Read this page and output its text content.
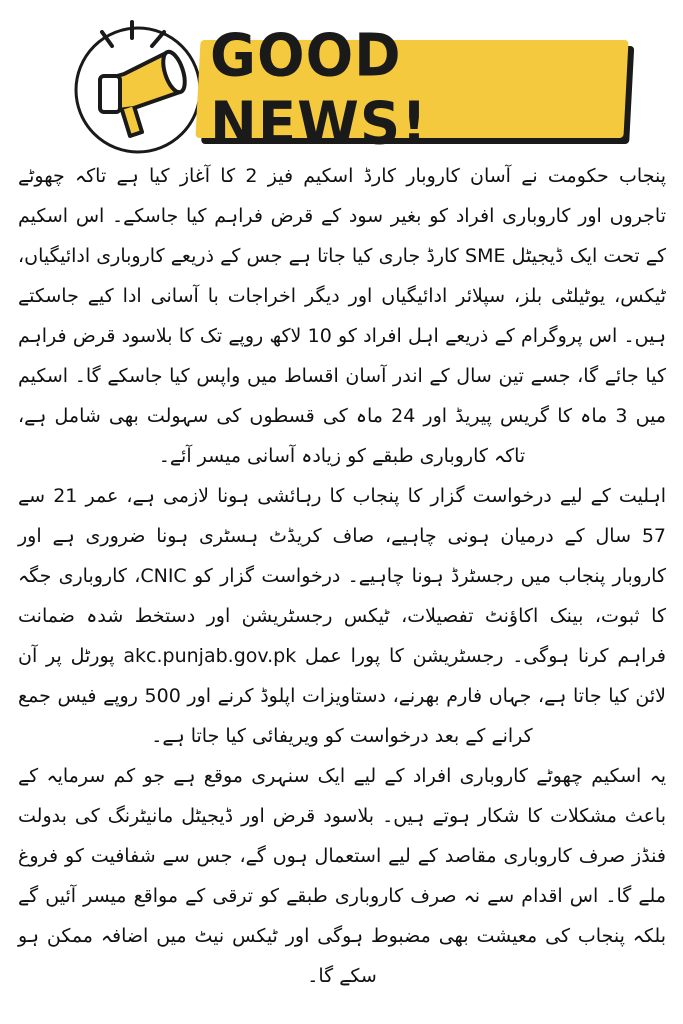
GOOD NEWS!

پنجاب حکومت نے آسان کاروبار کارڈ اسکیم فیز 2 کا آغاز کیا ہے تاکہ چھوٹے تاجروں اور کاروباری افراد کو بغیر سود کے قرض فراہم کیا جاسکے۔ اس اسکیم کے تحت ایک ڈیجیٹل SME کارڈ جاری کیا جاتا ہے جس کے ذریعے کاروباری ادائیگیاں، ٹیکس، یوٹیلٹی بلز، سپلائر ادائیگیاں اور دیگر اخراجات با آسانی ادا کیے جاسکتے ہیں۔ اس پروگرام کے ذریعے اہل افراد کو 10 لاکھ روپے تک کا بلاسود قرض فراہم کیا جائے گا، جسے تین سال کے اندر آسان اقساط میں واپس کیا جاسکے گا۔ اسکیم میں 3 ماہ کا گریس پیریڈ اور 24 ماہ کی قسطوں کی سہولت بھی شامل ہے، تاکہ کاروباری طبقے کو زیادہ آسانی میسر آئے۔

اہلیت کے لیے درخواست گزار کا پنجاب کا رہائشی ہونا لازمی ہے، عمر 21 سے 57 سال کے درمیان ہونی چاہیے، صاف کریڈٹ ہسٹری ہونا ضروری ہے اور کاروبار پنجاب میں رجسٹرڈ ہونا چاہیے۔ درخواست گزار کو CNIC، کاروباری جگہ کا ثبوت، بینک اکاؤنٹ تفصیلات، ٹیکس رجسٹریشن اور دستخط شدہ ضمانت فراہم کرنا ہوگی۔ رجسٹریشن کا پورا عمل akc.punjab.gov.pk پورٹل پر آن لائن کیا جاتا ہے، جہاں فارم بھرنے، دستاویزات اپلوڈ کرنے اور 500 روپے فیس جمع کرانے کے بعد درخواست کو ویریفائی کیا جاتا ہے۔

یہ اسکیم چھوٹے کاروباری افراد کے لیے ایک سنہری موقع ہے جو کم سرمایہ کے باعث مشکلات کا شکار ہوتے ہیں۔ بلاسود قرض اور ڈیجیٹل مانیٹرنگ کی بدولت فنڈز صرف کاروباری مقاصد کے لیے استعمال ہوں گے، جس سے شفافیت کو فروغ ملے گا۔ اس اقدام سے نہ صرف کاروباری طبقے کو ترقی کے مواقع میسر آئیں گے بلکہ پنجاب کی معیشت بھی مضبوط ہوگی اور ٹیکس نیٹ میں اضافہ ممکن ہو سکے گا۔
